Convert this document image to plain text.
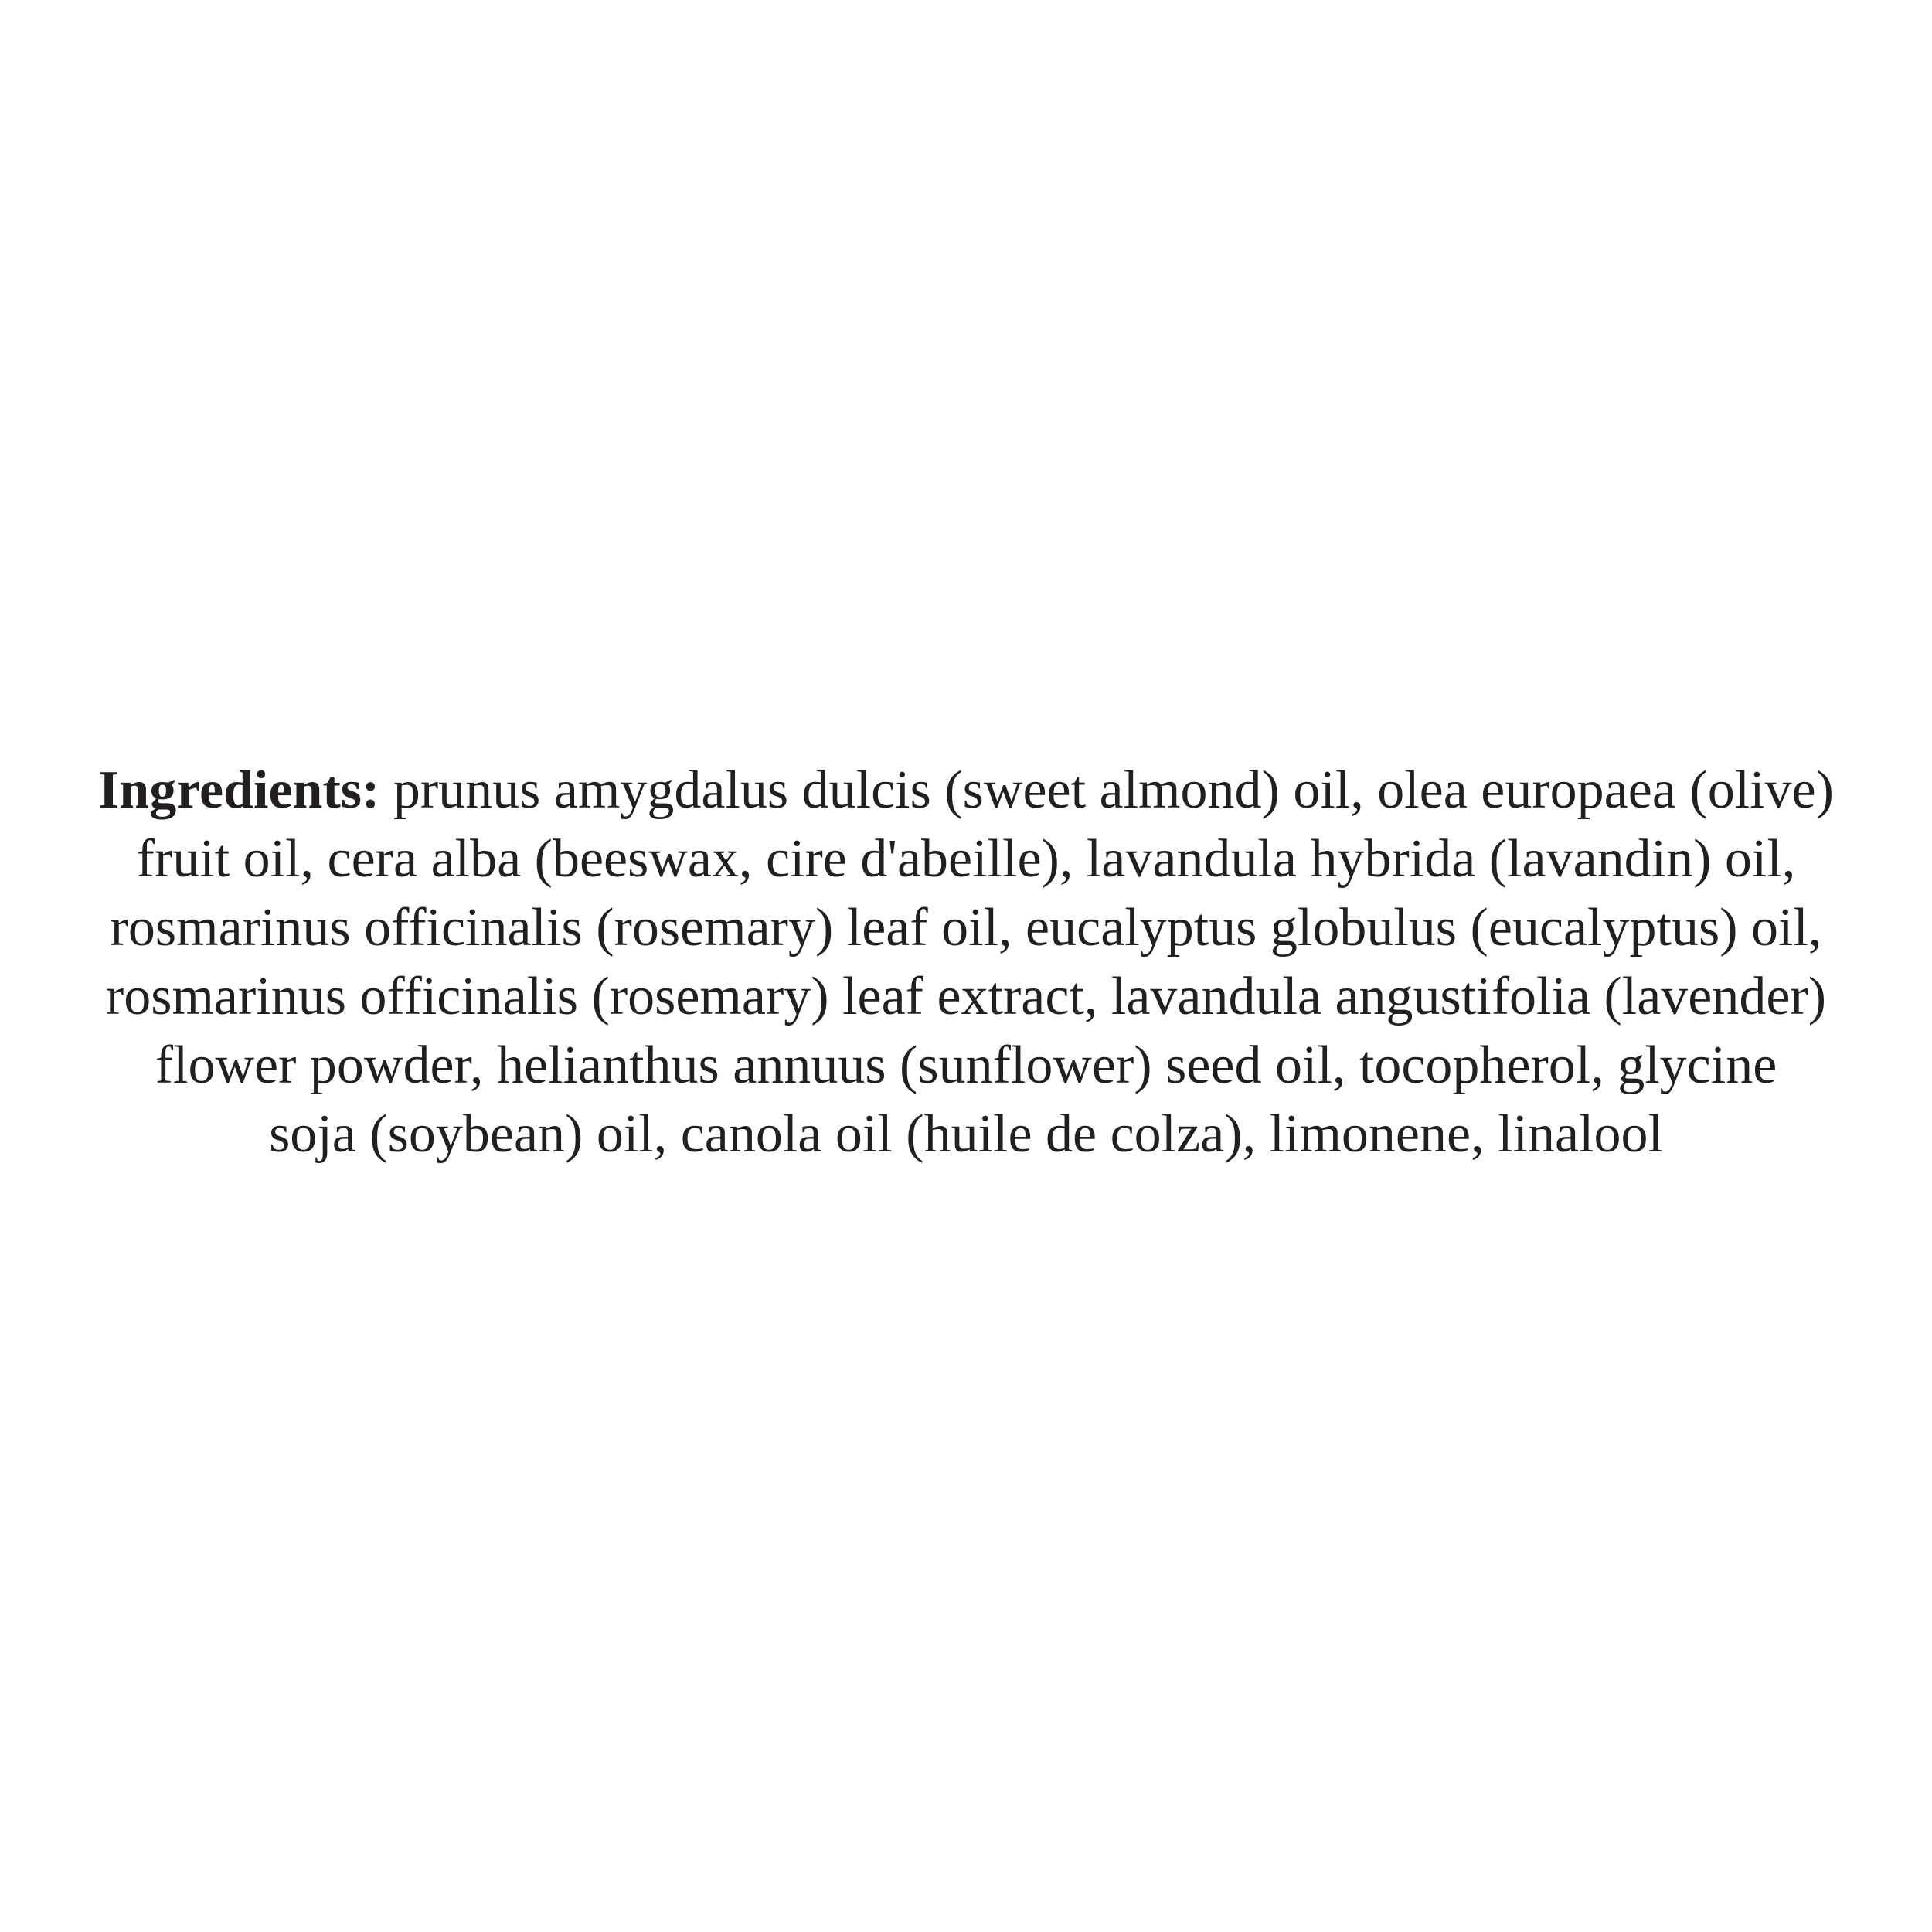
Ingredients: prunus amygdalus dulcis (sweet almond) oil, olea europaea (olive)
fruit oil, cera alba (beeswax, cire d'abeille), lavandula hybrida (lavandin) oil,
rosmarinus officinalis (rosemary) leaf oil, eucalyptus globulus (eucalyptus) oil,
rosmarinus officinalis (rosemary) leaf extract, lavandula angustifolia (lavender)
flower powder, helianthus annuus (sunflower) seed oil, tocopherol, glycine
soja (soybean) oil, canola oil (huile de colza), limonene, linalool
